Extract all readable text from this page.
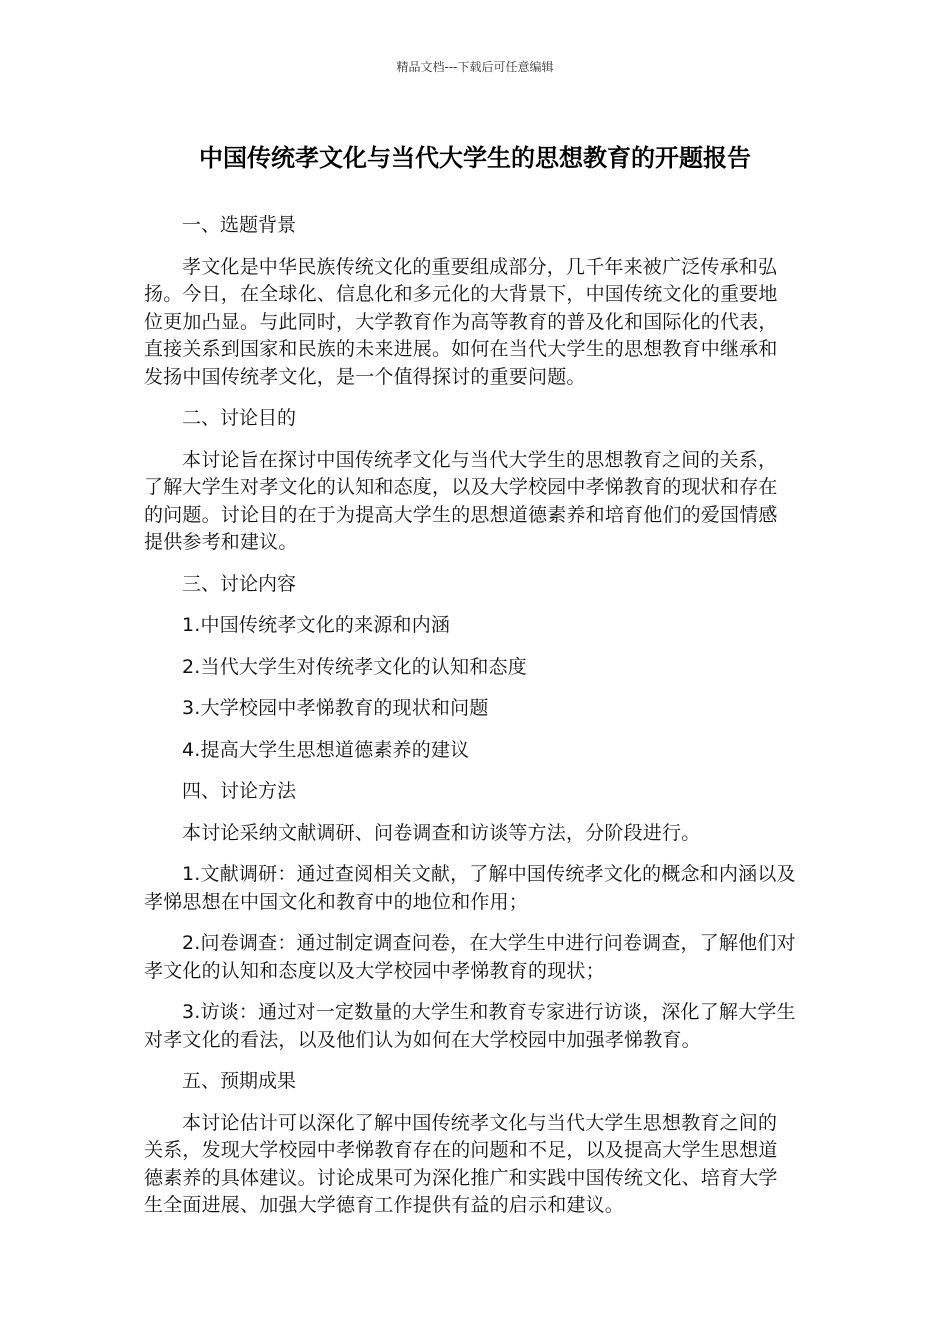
精品文档---下载后可任意编辑
中国传统孝文化与当代大学生的思想教育的开题报告

一、选题背景

孝文化是中华民族传统文化的重要组成部分，几千年来被广泛传承和弘扬。今日，在全球化、信息化和多元化的大背景下，中国传统文化的重要地位更加凸显。与此同时，大学教育作为高等教育的普及化和国际化的代表，直接关系到国家和民族的未来进展。如何在当代大学生的思想教育中继承和发扬中国传统孝文化，是一个值得探讨的重要问题。

二、讨论目的

本讨论旨在探讨中国传统孝文化与当代大学生的思想教育之间的关系，了解大学生对孝文化的认知和态度，以及大学校园中孝悌教育的现状和存在的问题。讨论目的在于为提高大学生的思想道德素养和培育他们的爱国情感提供参考和建议。

三、讨论内容

1.中国传统孝文化的来源和内涵

2.当代大学生对传统孝文化的认知和态度

3.大学校园中孝悌教育的现状和问题

4.提高大学生思想道德素养的建议

四、讨论方法

本讨论采纳文献调研、问卷调查和访谈等方法，分阶段进行。

1.文献调研：通过查阅相关文献，了解中国传统孝文化的概念和内涵以及孝悌思想在中国文化和教育中的地位和作用；

2.问卷调查：通过制定调查问卷，在大学生中进行问卷调查，了解他们对孝文化的认知和态度以及大学校园中孝悌教育的现状；

3.访谈：通过对一定数量的大学生和教育专家进行访谈，深化了解大学生对孝文化的看法，以及他们认为如何在大学校园中加强孝悌教育。

五、预期成果

本讨论估计可以深化了解中国传统孝文化与当代大学生思想教育之间的关系，发现大学校园中孝悌教育存在的问题和不足，以及提高大学生思想道德素养的具体建议。讨论成果可为深化推广和实践中国传统文化、培育大学生全面进展、加强大学德育工作提供有益的启示和建议。
